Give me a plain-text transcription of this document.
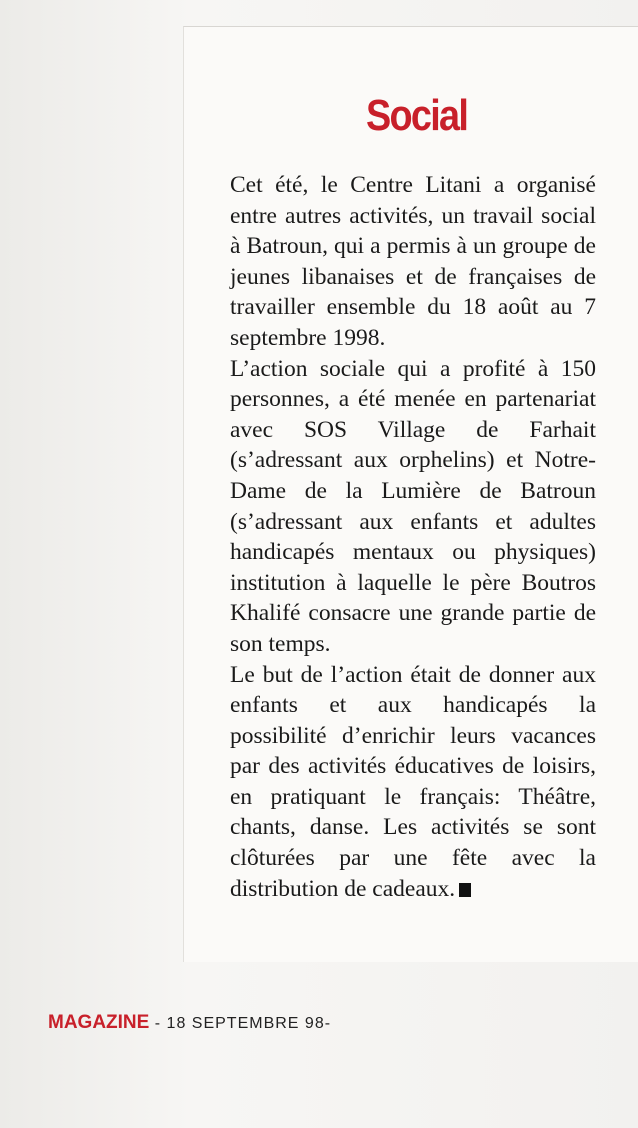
Social

Cet été, le Centre Litani a organisé entre autres activités, un travail social à Batroun, qui a permis à un groupe de jeunes libanaises et de françaises de travailler ensemble du 18 août au 7 septembre 1998.

L’action sociale qui a profité à 150 personnes, a été menée en partenariat avec SOS Village de Farhait (s’adressant aux orphelins) et Notre-Dame de la Lumière de Batroun (s’adressant aux enfants et adultes handicapés mentaux ou physiques) institution à laquelle le père Boutros Khalifé consacre une grande partie de son temps.

Le but de l’action était de donner aux enfants et aux handicapés la possibilité d’enrichir leurs vacances par des activités éducatives de loisirs, en pratiquant le français: Théâtre, chants, danse. Les activités se sont clôturées par une fête avec la distribution de cadeaux.

MAGAZINE - 18 SEPTEMBRE 98-
